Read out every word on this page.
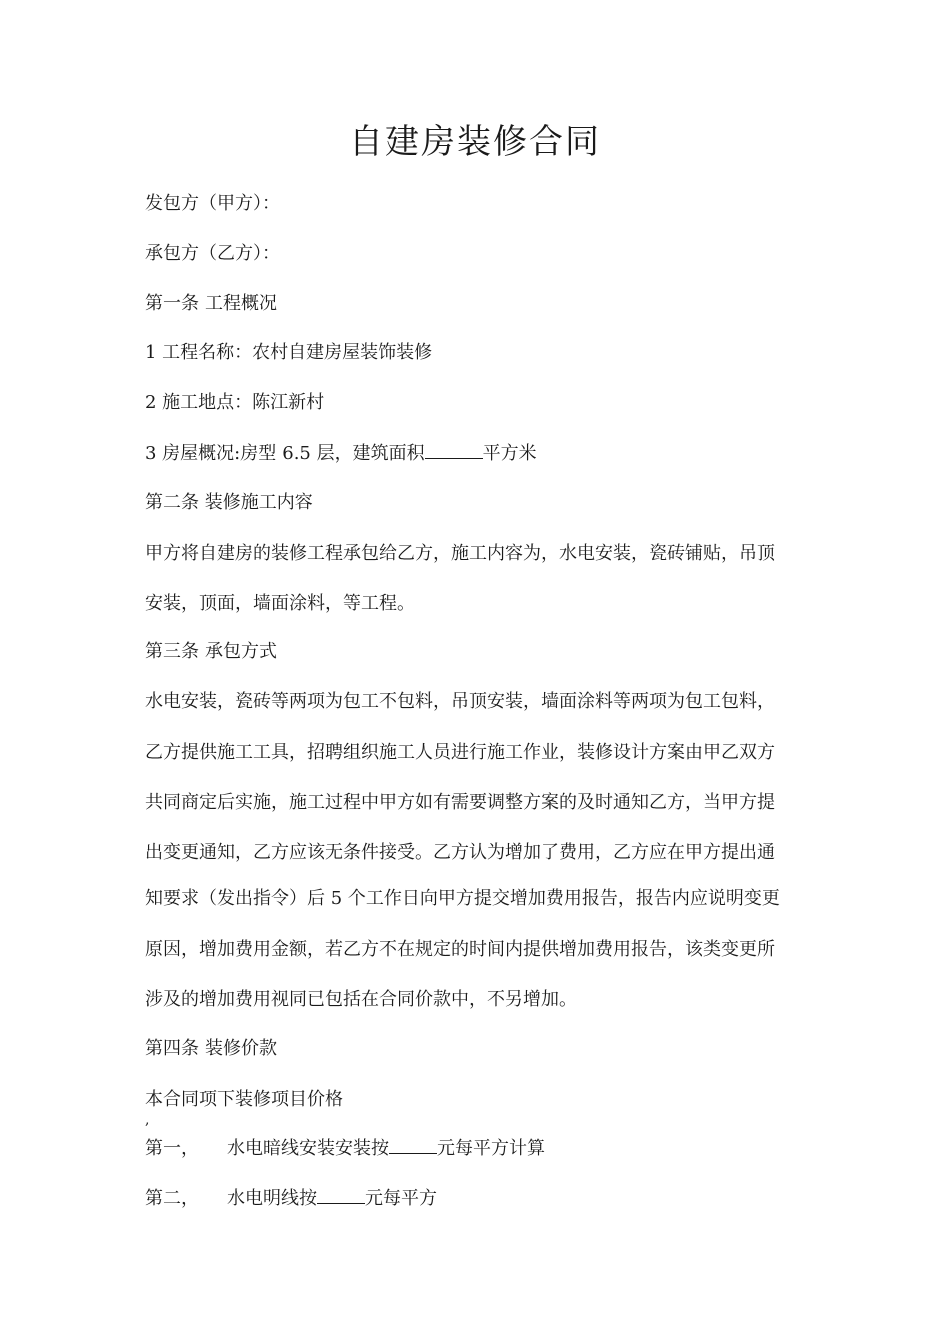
自建房装修合同
发包方（甲方）：
承包方（乙方）：
第一条 工程概况
1 工程名称：农村自建房屋装饰装修
2 施工地点：陈江新村
3 房屋概况:房型 6.5 层，建筑面积	平方米
第二条 装修施工内容
甲方将自建房的装修工程承包给乙方，施工内容为，水电安装，瓷砖铺贴，吊顶
安装，顶面，墙面涂料，等工程。
第三条 承包方式
水电安装，瓷砖等两项为包工不包料，吊顶安装，墙面涂料等两项为包工包料，
乙方提供施工工具，招聘组织施工人员进行施工作业，装修设计方案由甲乙双方
共同商定后实施，施工过程中甲方如有需要调整方案的及时通知乙方，当甲方提
出变更通知，乙方应该无条件接受。乙方认为增加了费用，乙方应在甲方提出通
知要求（发出指令）后 5 个工作日向甲方提交增加费用报告，报告内应说明变更
原因，增加费用金额，若乙方不在规定的时间内提供增加费用报告，该类变更所
涉及的增加费用视同已包括在合同价款中，不另增加。
第四条 装修价款
本合同项下装修项目价格
,
第一， 水电暗线安装安装按	元每平方计算
第二， 水电明线按	元每平方
